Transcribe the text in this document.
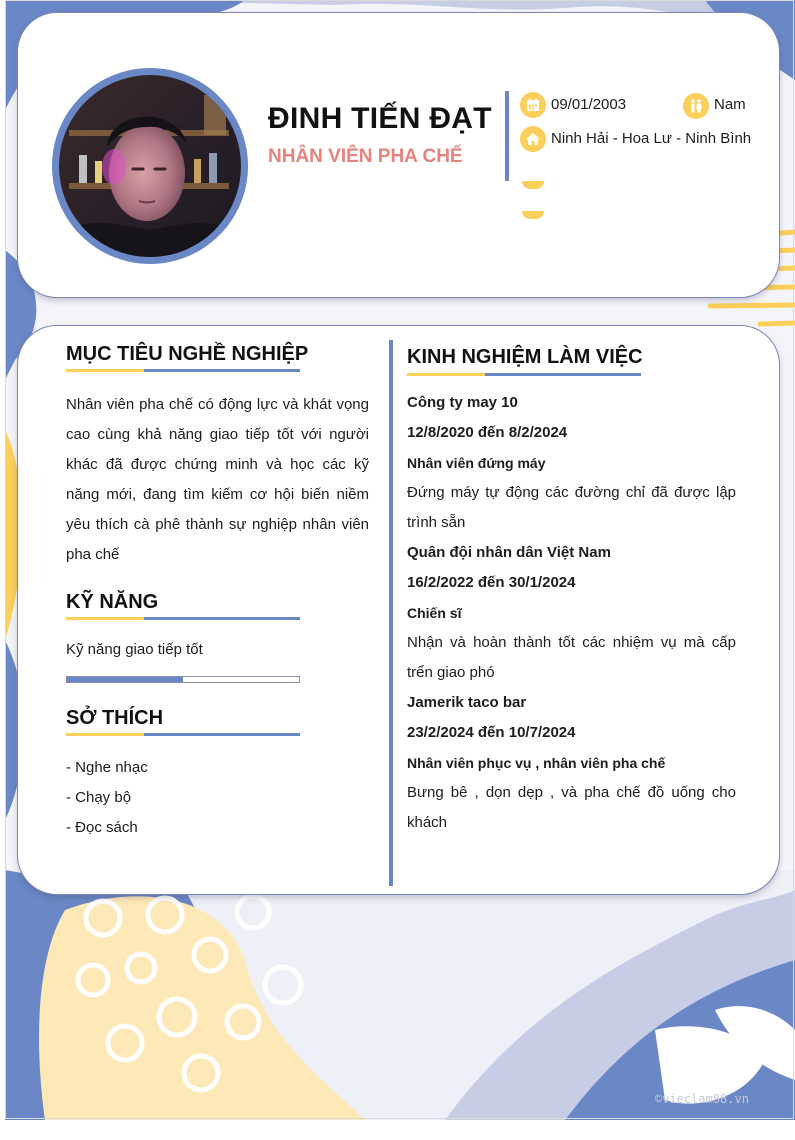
ĐINH TIẾN ĐẠT
NHÂN VIÊN PHA CHẾ
09/01/2003	Nam
Ninh Hải - Hoa Lư - Ninh Bình
MỤC TIÊU NGHỀ NGHIỆP
Nhân viên pha chế có động lực và khát vọng cao cùng khả năng giao tiếp tốt với người khác đã được chứng minh và học các kỹ năng mới, đang tìm kiếm cơ hội biến niềm yêu thích cà phê thành sự nghiệp nhân viên pha chế
KỸ NĂNG
Kỹ năng giao tiếp tốt
SỞ THÍCH
- Nghe nhạc
- Chạy bộ
- Đọc sách
KINH NGHIỆM LÀM VIỆC
Công ty may 10
12/8/2020 đến 8/2/2024
Nhân viên đứng máy
Đứng máy tự động các đường chỉ đã được lập trình sẵn
Quân đội nhân dân Việt Nam
16/2/2022 đến 30/1/2024
Chiến sĩ
Nhận và hoàn thành tốt các nhiệm vụ mà cấp trển giao phó
Jamerik taco bar
23/2/2024 đến 10/7/2024
Nhân viên phục vụ , nhân viên pha chế
Bưng bê , dọn dẹp , và pha chế đồ uống cho khách
©vieclam88.vn
